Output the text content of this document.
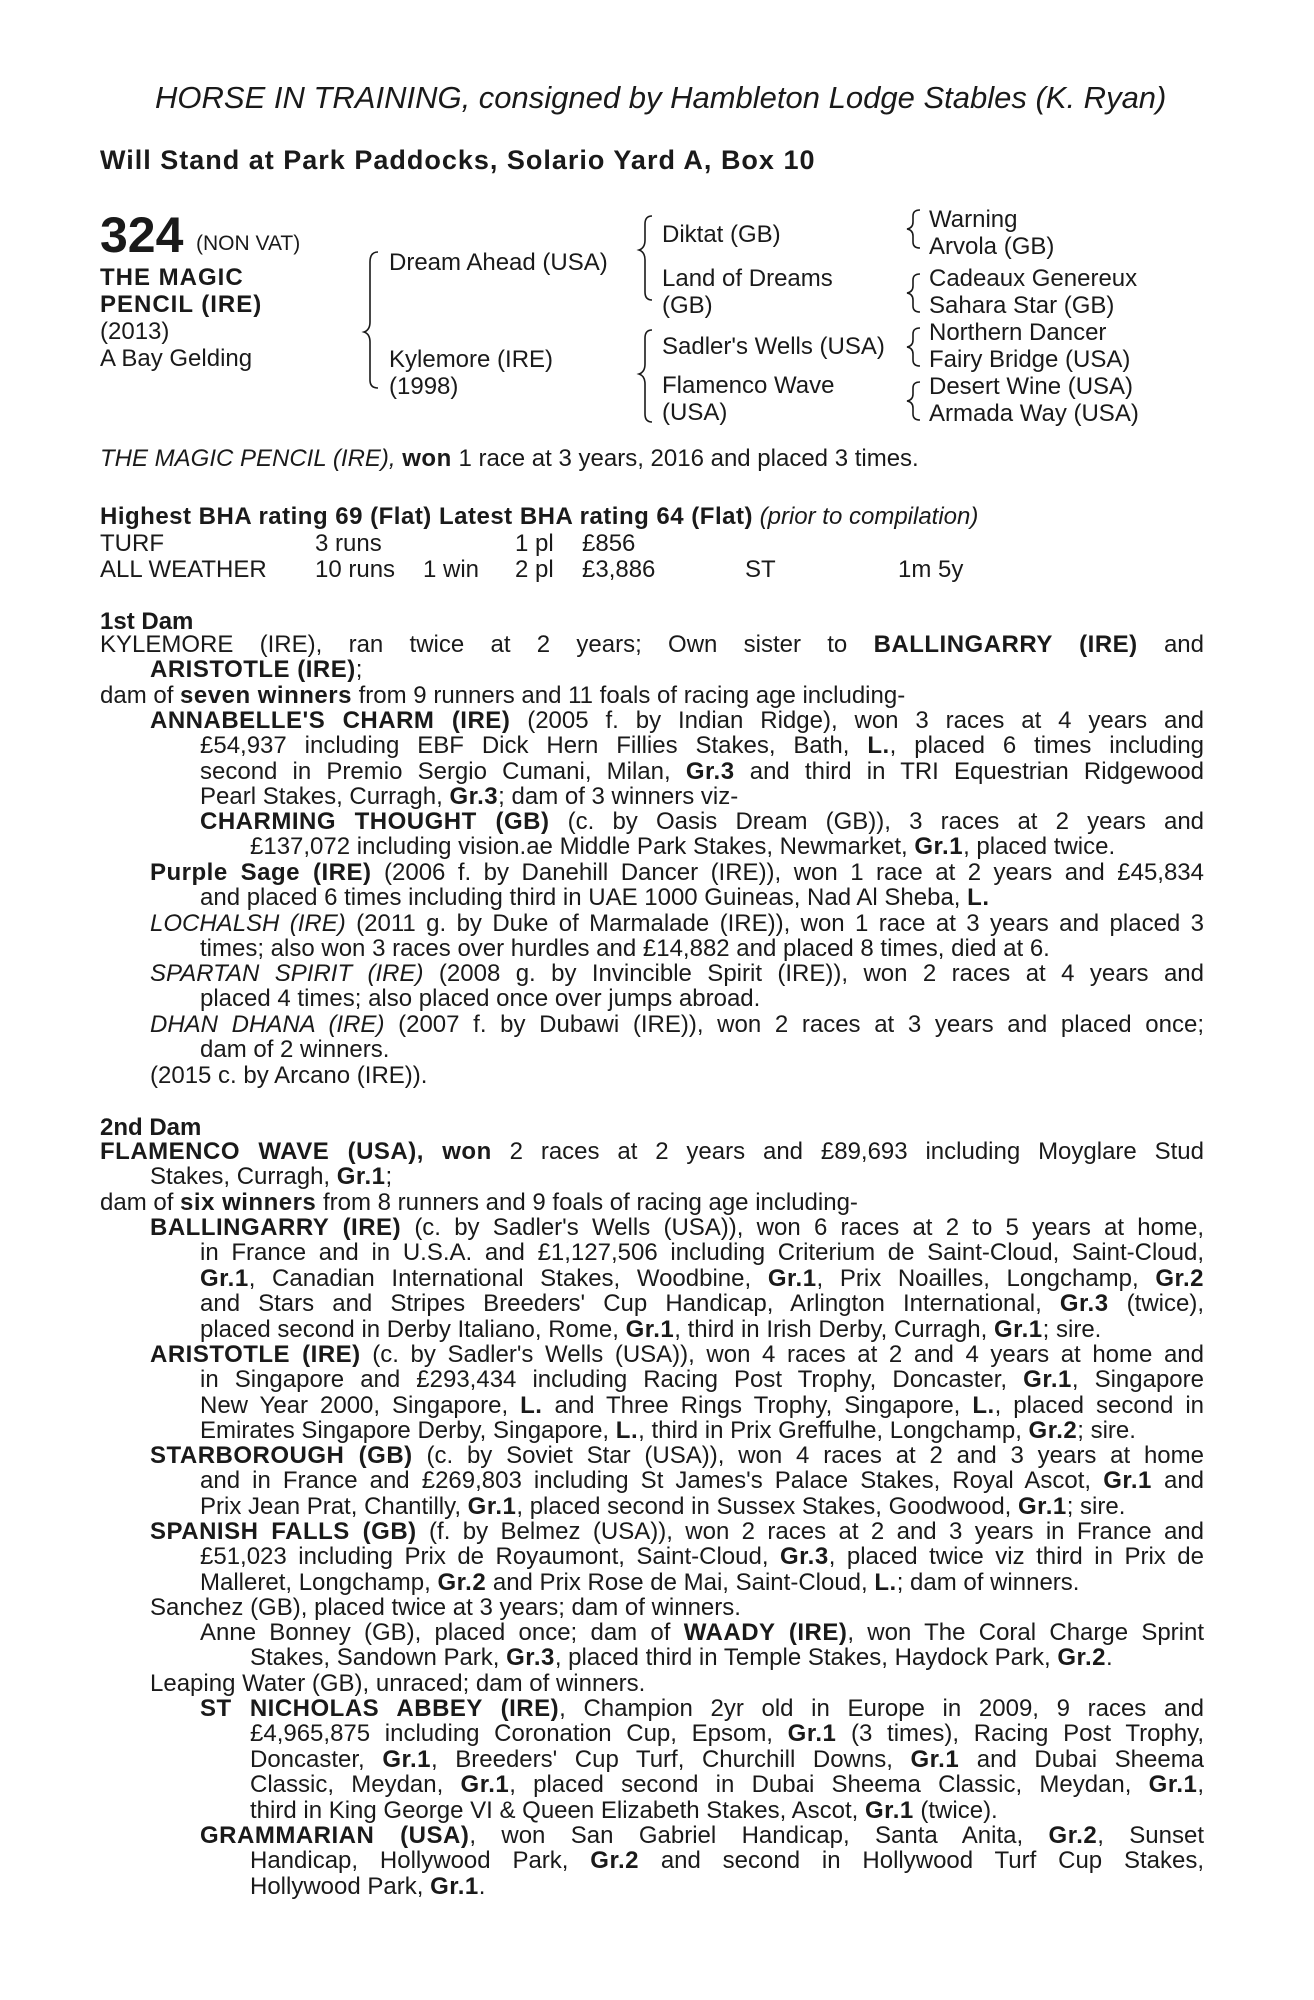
HORSE IN TRAINING, consigned by Hambleton Lodge Stables (K. Ryan)
Will Stand at Park Paddocks, Solario Yard A, Box 10
324 (NON VAT)
THE MAGIC
PENCIL (IRE)
(2013)
A Bay Gelding
Dream Ahead (USA)
Kylemore (IRE)
(1998)
Diktat (GB)
Land of Dreams
(GB)
Sadler's Wells (USA)
Flamenco Wave
(USA)
Warning
Arvola (GB)
Cadeaux Genereux
Sahara Star (GB)
Northern Dancer
Fairy Bridge (USA)
Desert Wine (USA)
Armada Way (USA)
THE MAGIC PENCIL (IRE), won 1 race at 3 years, 2016 and placed 3 times.
Highest BHA rating 69 (Flat) Latest BHA rating 64 (Flat) (prior to compilation)
TURF	3 runs	1 pl £856
ALL WEATHER 10 runs 1 win 2 pl £3,886	ST	1m 5y
1st Dam
KYLEMORE (IRE), ran twice at 2 years; Own sister to BALLINGARRY (IRE) and
ARISTOTLE (IRE);
dam of seven winners from 9 runners and 11 foals of racing age including-
ANNABELLE'S CHARM (IRE) (2005 f. by Indian Ridge), won 3 races at 4 years and
£54,937 including EBF Dick Hern Fillies Stakes, Bath, L., placed 6 times including
second in Premio Sergio Cumani, Milan, Gr.3 and third in TRI Equestrian Ridgewood
Pearl Stakes, Curragh, Gr.3; dam of 3 winners viz-
CHARMING THOUGHT (GB) (c. by Oasis Dream (GB)), 3 races at 2 years and
£137,072 including vision.ae Middle Park Stakes, Newmarket, Gr.1, placed twice.
Purple Sage (IRE) (2006 f. by Danehill Dancer (IRE)), won 1 race at 2 years and £45,834
and placed 6 times including third in UAE 1000 Guineas, Nad Al Sheba, L.
LOCHALSH (IRE) (2011 g. by Duke of Marmalade (IRE)), won 1 race at 3 years and placed 3
times; also won 3 races over hurdles and £14,882 and placed 8 times, died at 6.
SPARTAN SPIRIT (IRE) (2008 g. by Invincible Spirit (IRE)), won 2 races at 4 years and
placed 4 times; also placed once over jumps abroad.
DHAN DHANA (IRE) (2007 f. by Dubawi (IRE)), won 2 races at 3 years and placed once;
dam of 2 winners.
(2015 c. by Arcano (IRE)).
2nd Dam
FLAMENCO WAVE (USA), won 2 races at 2 years and £89,693 including Moyglare Stud
Stakes, Curragh, Gr.1;
dam of six winners from 8 runners and 9 foals of racing age including-
BALLINGARRY (IRE) (c. by Sadler's Wells (USA)), won 6 races at 2 to 5 years at home,
in France and in U.S.A. and £1,127,506 including Criterium de Saint-Cloud, Saint-Cloud,
Gr.1, Canadian International Stakes, Woodbine, Gr.1, Prix Noailles, Longchamp, Gr.2
and Stars and Stripes Breeders' Cup Handicap, Arlington International, Gr.3 (twice),
placed second in Derby Italiano, Rome, Gr.1, third in Irish Derby, Curragh, Gr.1; sire.
ARISTOTLE (IRE) (c. by Sadler's Wells (USA)), won 4 races at 2 and 4 years at home and
in Singapore and £293,434 including Racing Post Trophy, Doncaster, Gr.1, Singapore
New Year 2000, Singapore, L. and Three Rings Trophy, Singapore, L., placed second in
Emirates Singapore Derby, Singapore, L., third in Prix Greffulhe, Longchamp, Gr.2; sire.
STARBOROUGH (GB) (c. by Soviet Star (USA)), won 4 races at 2 and 3 years at home
and in France and £269,803 including St James's Palace Stakes, Royal Ascot, Gr.1 and
Prix Jean Prat, Chantilly, Gr.1, placed second in Sussex Stakes, Goodwood, Gr.1; sire.
SPANISH FALLS (GB) (f. by Belmez (USA)), won 2 races at 2 and 3 years in France and
£51,023 including Prix de Royaumont, Saint-Cloud, Gr.3, placed twice viz third in Prix de
Malleret, Longchamp, Gr.2 and Prix Rose de Mai, Saint-Cloud, L.; dam of winners.
Sanchez (GB), placed twice at 3 years; dam of winners.
Anne Bonney (GB), placed once; dam of WAADY (IRE), won The Coral Charge Sprint
Stakes, Sandown Park, Gr.3, placed third in Temple Stakes, Haydock Park, Gr.2.
Leaping Water (GB), unraced; dam of winners.
ST NICHOLAS ABBEY (IRE), Champion 2yr old in Europe in 2009, 9 races and
£4,965,875 including Coronation Cup, Epsom, Gr.1 (3 times), Racing Post Trophy,
Doncaster, Gr.1, Breeders' Cup Turf, Churchill Downs, Gr.1 and Dubai Sheema
Classic, Meydan, Gr.1, placed second in Dubai Sheema Classic, Meydan, Gr.1,
third in King George VI & Queen Elizabeth Stakes, Ascot, Gr.1 (twice).
GRAMMARIAN (USA), won San Gabriel Handicap, Santa Anita, Gr.2, Sunset
Handicap, Hollywood Park, Gr.2 and second in Hollywood Turf Cup Stakes,
Hollywood Park, Gr.1.
